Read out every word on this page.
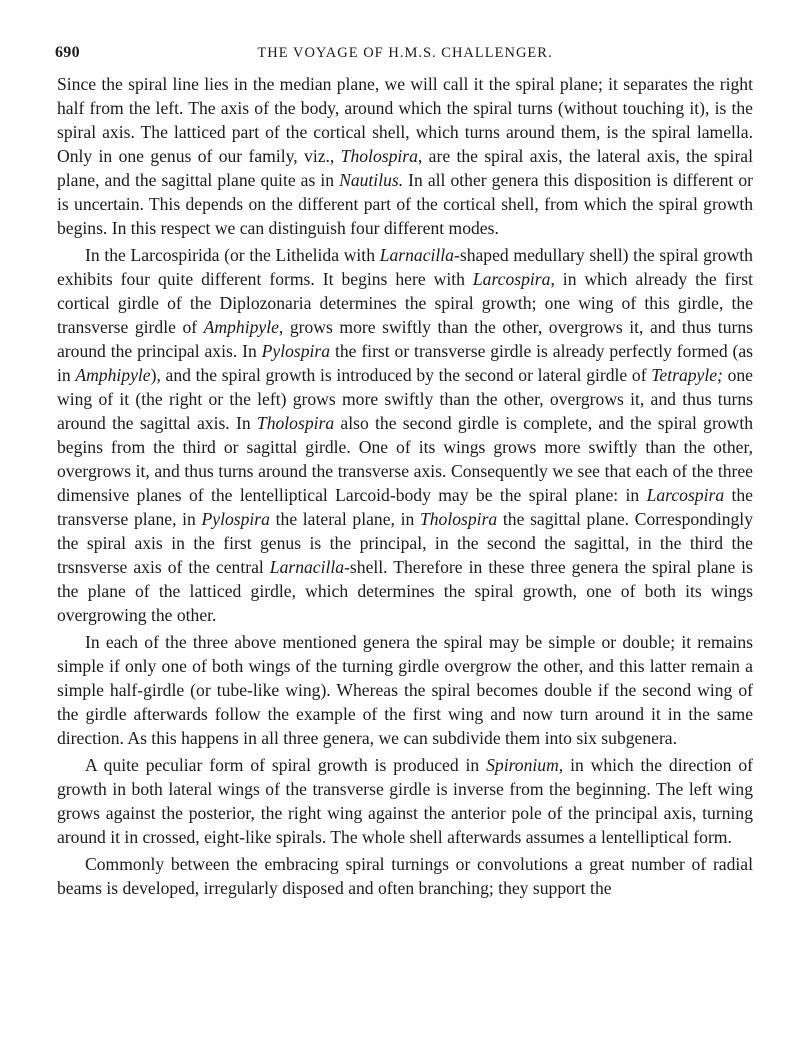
690	THE VOYAGE OF H.M.S. CHALLENGER.

Since the spiral line lies in the median plane, we will call it the spiral plane; it separates the right half from the left. The axis of the body, around which the spiral turns (without touching it), is the spiral axis. The latticed part of the cortical shell, which turns around them, is the spiral lamella. Only in one genus of our family, viz., Tholospira, are the spiral axis, the lateral axis, the spiral plane, and the sagittal plane quite as in Nautilus. In all other genera this disposition is different or is uncertain. This depends on the different part of the cortical shell, from which the spiral growth begins. In this respect we can distinguish four different modes.

In the Larcospirida (or the Lithelida with Larnacilla-shaped medullary shell) the spiral growth exhibits four quite different forms. It begins here with Larcospira, in which already the first cortical girdle of the Diplozonaria determines the spiral growth; one wing of this girdle, the transverse girdle of Amphipyle, grows more swiftly than the other, overgrows it, and thus turns around the principal axis. In Pylospira the first or transverse girdle is already perfectly formed (as in Amphipyle), and the spiral growth is introduced by the second or lateral girdle of Tetrapyle; one wing of it (the right or the left) grows more swiftly than the other, overgrows it, and thus turns around the sagittal axis. In Tholospira also the second girdle is complete, and the spiral growth begins from the third or sagittal girdle. One of its wings grows more swiftly than the other, overgrows it, and thus turns around the transverse axis. Consequently we see that each of the three dimensive planes of the lentelliptical Larcoid-body may be the spiral plane: in Larcospira the transverse plane, in Pylospira the lateral plane, in Tholospira the sagittal plane. Correspondingly the spiral axis in the first genus is the principal, in the second the sagittal, in the third the trsnsverse axis of the central Larnacilla-shell. Therefore in these three genera the spiral plane is the plane of the latticed girdle, which determines the spiral growth, one of both its wings overgrowing the other.

In each of the three above mentioned genera the spiral may be simple or double; it remains simple if only one of both wings of the turning girdle overgrow the other, and this latter remain a simple half-girdle (or tube-like wing). Whereas the spiral becomes double if the second wing of the girdle afterwards follow the example of the first wing and now turn around it in the same direction. As this happens in all three genera, we can subdivide them into six subgenera.

A quite peculiar form of spiral growth is produced in Spironium, in which the direction of growth in both lateral wings of the transverse girdle is inverse from the beginning. The left wing grows against the posterior, the right wing against the anterior pole of the principal axis, turning around it in crossed, eight-like spirals. The whole shell afterwards assumes a lentelliptical form.

Commonly between the embracing spiral turnings or convolutions a great number of radial beams is developed, irregularly disposed and often branching; they support the
